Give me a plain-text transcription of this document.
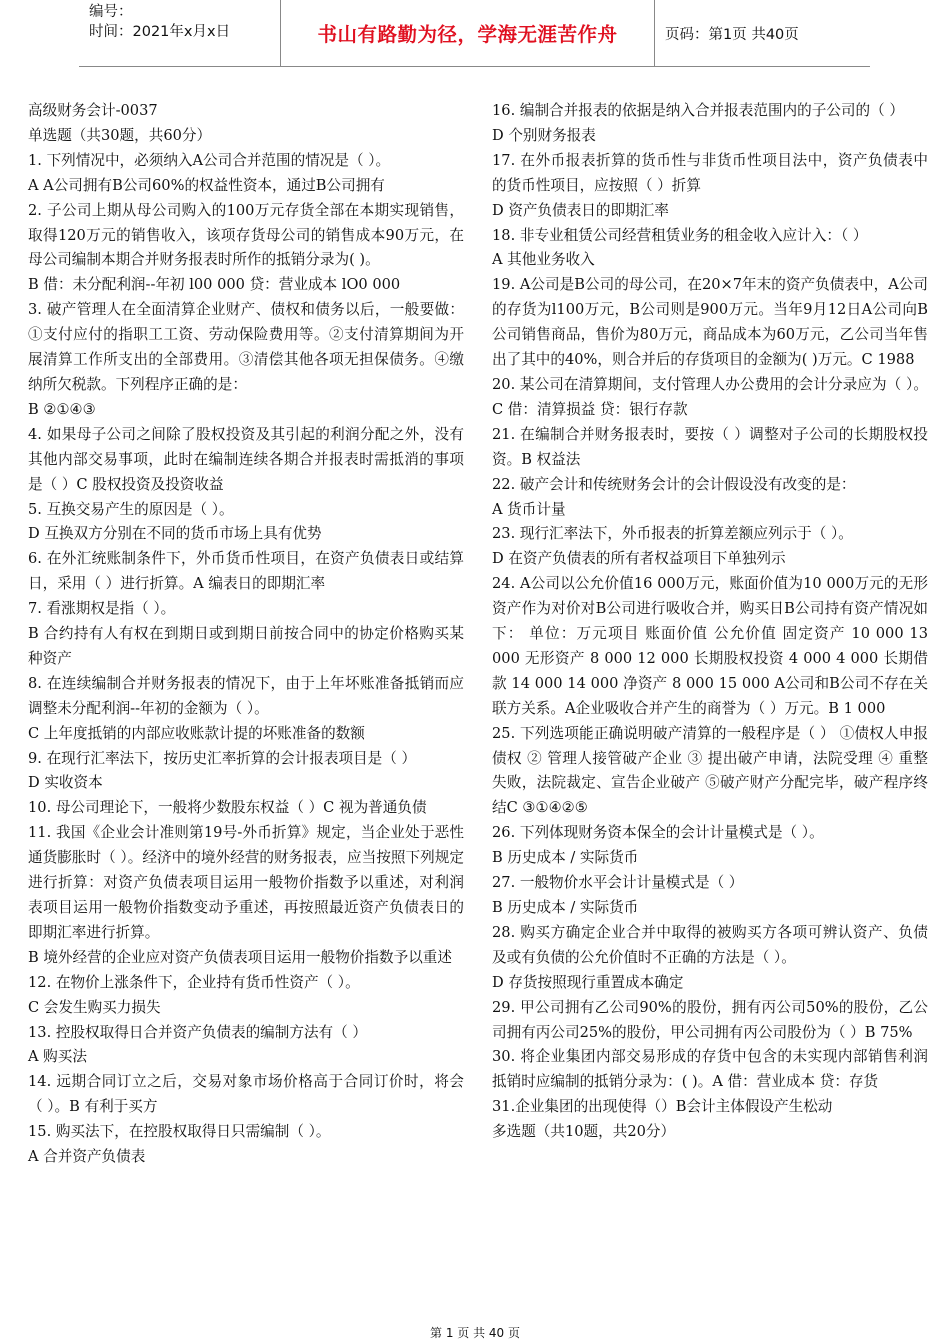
编号：
时间：2021年x月x日	书山有路勤为径，学海无涯苦作舟	页码：第1页 共40页

高级财务会计-0037

单选题（共30题，共60分）

1. 下列情况中，必须纳入A公司合并范围的情况是（ ）。

A A公司拥有B公司60%的权益性资本，通过B公司拥有

2. 子公司上期从母公司购入的100万元存货全部在本期实现销售，取得120万元的销售收入，该项存货母公司的销售成本90万元，在母公司编制本期合并财务报表时所作的抵销分录为( )。

B 借：未分配利润--年初 l00 000 贷：营业成本 lO0 000

3. 破产管理人在全面清算企业财产、债权和债务以后，一般要做：①支付应付的指职工工资、劳动保险费用等。②支付清算期间为开展清算工作所支出的全部费用。③清偿其他各项无担保债务。④缴纳所欠税款。下列程序正确的是：

B ②①④③

4. 如果母子公司之间除了股权投资及其引起的利润分配之外，没有其他内部交易事项，此时在编制连续各期合并报表时需抵消的事项是（ ）C 股权投资及投资收益

5. 互换交易产生的原因是（ ）。

D 互换双方分别在不同的货币市场上具有优势

6. 在外汇统账制条件下，外币货币性项目，在资产负债表日或结算日，采用（ ）进行折算。A 编表日的即期汇率

7. 看涨期权是指（ ）。

B 合约持有人有权在到期日或到期日前按合同中的协定价格购买某种资产

8. 在连续编制合并财务报表的情况下，由于上年坏账准备抵销而应调整未分配利润--年初的金额为（ ）。

C 上年度抵销的内部应收账款计提的坏账准备的数额

9. 在现行汇率法下，按历史汇率折算的会计报表项目是（ ）

D 实收资本

10. 母公司理论下，一般将少数股东权益（ ）C 视为普通负债

11. 我国《企业会计准则第19号-外币折算》规定，当企业处于恶性通货膨胀时（ ）。经济中的境外经营的财务报表，应当按照下列规定进行折算：对资产负债表项目运用一般物价指数予以重述，对利润表项目运用一般物价指数变动予重述，再按照最近资产负债表日的即期汇率进行折算。

B 境外经营的企业应对资产负债表项目运用一般物价指数予以重述

12. 在物价上涨条件下，企业持有货币性资产（ ）。

C 会发生购买力损失

13. 控股权取得日合并资产负债表的编制方法有（ ）

A 购买法

14. 远期合同订立之后，交易对象市场价格高于合同订价时，将会（ ）。B 有利于买方

15. 购买法下，在控股权取得日只需编制（ ）。

A 合并资产负债表

16. 编制合并报表的依据是纳入合并报表范围内的子公司的（ ）

D 个别财务报表

17. 在外币报表折算的货币性与非货币性项目法中，资产负债表中的货币性项目，应按照（ ）折算

D 资产负债表日的即期汇率

18. 非专业租赁公司经营租赁业务的租金收入应计入：（ ）

A 其他业务收入

19. A公司是B公司的母公司，在20×7年末的资产负债表中，A公司的存货为l100万元，B公司则是900万元。当年9月12日A公司向B公司销售商品，售价为80万元，商品成本为60万元，乙公司当年售出了其中的40%，则合并后的存货项目的金额为( )万元。C 1988

20. 某公司在清算期间，支付管理人办公费用的会计分录应为（ ）。C 借：清算损益 贷：银行存款

21. 在编制合并财务报表时，要按（ ）调整对子公司的长期股权投资。B 权益法

22. 破产会计和传统财务会计的会计假设没有改变的是：

A 货币计量

23. 现行汇率法下，外币报表的折算差额应列示于（ ）。

D 在资产负债表的所有者权益项目下单独列示

24. A公司以公允价值16 000万元，账面价值为10 000万元的无形资产作为对价对B公司进行吸收合并，购买日B公司持有资产情况如下： 单位：万元项目 账面价值 公允价值 固定资产 10 000 13 000 无形资产 8 000 12 000 长期股权投资 4 000 4 000 长期借款 14 000 14 000 净资产 8 000 15 000 A公司和B公司不存在关联方关系。A企业吸收合并产生的商誉为（ ）万元。B 1 000

25. 下列选项能正确说明破产清算的一般程序是（ ） ①债权人申报债权 ② 管理人接管破产企业 ③ 提出破产申请，法院受理 ④ 重整失败，法院裁定、宣告企业破产 ⑤破产财产分配完毕，破产程序终结C ③①④②⑤

26. 下列体现财务资本保全的会计计量模式是（ ）。

B 历史成本 / 实际货币

27. 一般物价水平会计计量模式是（ ）

B 历史成本 / 实际货币

28. 购买方确定企业合并中取得的被购买方各项可辨认资产、负债及或有负债的公允价值时不正确的方法是（ ）。

D 存货按照现行重置成本确定

29. 甲公司拥有乙公司90%的股份，拥有丙公司50%的股份，乙公司拥有丙公司25%的股份，甲公司拥有丙公司股份为（ ）B 75%

30. 将企业集团内部交易形成的存货中包含的未实现内部销售利润抵销时应编制的抵销分录为：( )。A 借：营业成本 贷：存货

31.企业集团的出现使得（）B会计主体假设产生松动

多选题（共10题，共20分）

第 1 页 共 40 页
